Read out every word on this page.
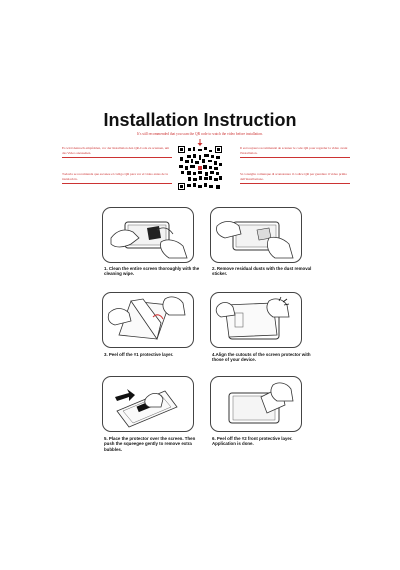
Installation Instruction
It's still recommended that you scan the QR code to watch the video before installation.
Es wird dennoch empfohlen, vor der Installation den QR-Code zu scannen, um das Video anzusehen.
Todavía se recomienda que escanee el código QR para ver el video antes de la instalación.
Il est toujours recommandé de scanner le code QR pour regarder la vidéo avant l'installation.
Si consiglia comunque di scansionare il codice QR per guardare il video prima dell'installazione.
1. Clean the entire screen thoroughly with the cleaning wipe.
2. Remove residual dusts with the dust removal sticker.
3. Peel off the #1 protective layer.	4.Align the cutouts of the screen protector with those of your device.
5. Place the protector over the screen. Then push the squeegee gently to remove extra bubbles.
6. Peel off the #2 front protective layer. Application is done.
